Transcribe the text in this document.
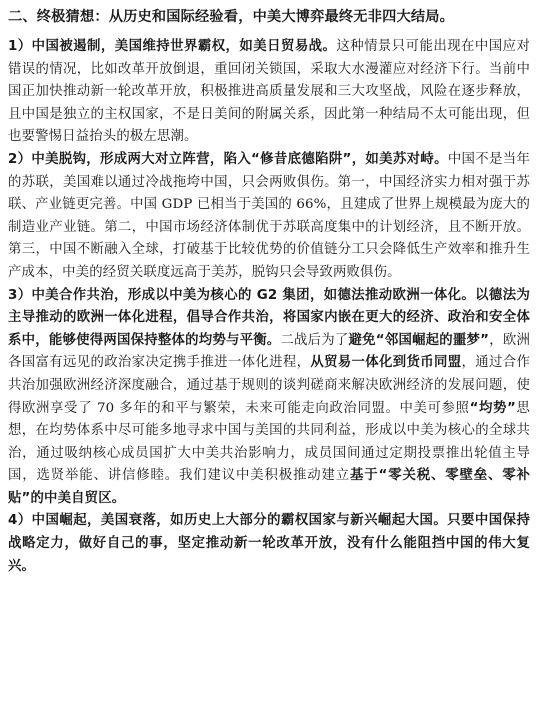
二、终极猜想：从历史和国际经验看，中美大博弈最终无非四大结局。

1）中国被遏制，美国维持世界霸权，如美日贸易战。这种情景只可能出现在中国应对错误的情况，比如改革开放倒退，重回闭关锁国，采取大水漫灌应对经济下行。当前中国正加快推动新一轮改革开放，积极推进高质量发展和三大攻坚战，风险在逐步释放，且中国是独立的主权国家，不是日美间的附属关系，因此第一种结局不太可能出现，但也要警惕日益抬头的极左思潮。

2）中美脱钩，形成两大对立阵营，陷入“修昔底德陷阱”，如美苏对峙。中国不是当年的苏联，美国难以通过冷战拖垮中国，只会两败俱伤。第一，中国经济实力相对强于苏联、产业链更完善。中国 GDP 已相当于美国的 66%，且建成了世界上规模最为庞大的制造业产业链。第二，中国市场经济体制优于苏联高度集中的计划经济，且不断开放。第三，中国不断融入全球，打破基于比较优势的价值链分工只会降低生产效率和推升生产成本，中美的经贸关联度远高于美苏，脱钩只会导致两败俱伤。

3）中美合作共治，形成以中美为核心的 G2 集团，如德法推动欧洲一体化。以德法为主导推动的欧洲一体化进程，倡导合作共治，将国家内嵌在更大的经济、政治和安全体系中，能够使得两国保持整体的均势与平衡。二战后为了避免“邻国崛起的噩梦”，欧洲各国富有远见的政治家决定携手推进一体化进程，从贸易一体化到货币同盟，通过合作共治加强欧洲经济深度融合，通过基于规则的谈判磋商来解决欧洲经济的发展问题，使得欧洲享受了 70 多年的和平与繁荣，未来可能走向政治同盟。中美可参照“均势”思想，在均势体系中尽可能多地寻求中国与美国的共同利益，形成以中美为核心的全球共治，通过吸纳核心成员国扩大中美共治影响力，成员国间通过定期投票推出轮值主导国，选贤举能、讲信修睦。我们建议中美积极推动建立基于“零关税、零壁垒、零补贴”的中美自贸区。

4）中国崛起，美国衰落，如历史上大部分的霸权国家与新兴崛起大国。只要中国保持战略定力，做好自己的事，坚定推动新一轮改革开放，没有什么能阻挡中国的伟大复兴。
